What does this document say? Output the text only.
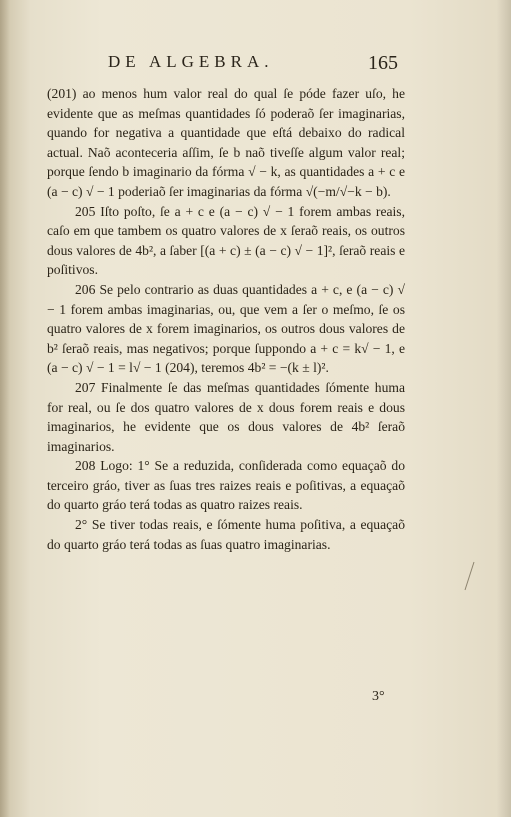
DE ALGEBRA.	165

(201) ao menos hum valor real do qual ſe póde fazer uſo, he evidente que as meſmas quantidades ſó poderaõ ſer imaginarias, quando for negativa a quantidade que eſtá debaixo do radical actual. Naõ aconteceria aſſim, ſe b naõ tiveſſe algum valor real; porque ſendo b imaginario da fórma √ − k, as quantidades a + c e (a − c) √ − 1 poderiaõ ſer imaginarias da fórma √(−m/√−k − b).

205 Iſto poſto, ſe a + c e (a − c) √ − 1 forem ambas reais, caſo em que tambem os quatro valores de x ſeraõ reais, os outros dous valores de 4b², a ſaber [(a + c) ± (a − c) √ − 1]², ſeraõ reais e poſitivos.

206 Se pelo contrario as duas quantidades a + c, e (a − c) √ − 1 forem ambas imaginarias, ou, que vem a ſer o meſmo, ſe os quatro valores de x forem imaginarios, os outros dous valores de b² ſeraõ reais, mas negativos; porque ſuppondo a + c = k√ − 1, e (a − c) √ − 1 = l√ − 1 (204), teremos 4b² = −(k ± l)².

207 Finalmente ſe das meſmas quantidades ſómente huma for real, ou ſe dos quatro valores de x dous forem reais e dous imaginarios, he evidente que os dous valores de 4b² ſeraõ imaginarios.

208 Logo: 1° Se a reduzida, conſiderada como equaçaõ do terceiro gráo, tiver as ſuas tres raizes reais e poſitivas, a equaçaõ do quarto gráo terá todas as quatro raizes reais.

2° Se tiver todas reais, e ſómente huma poſitiva, a equaçaõ do quarto gráo terá todas as ſuas quatro imaginarias.

3°
